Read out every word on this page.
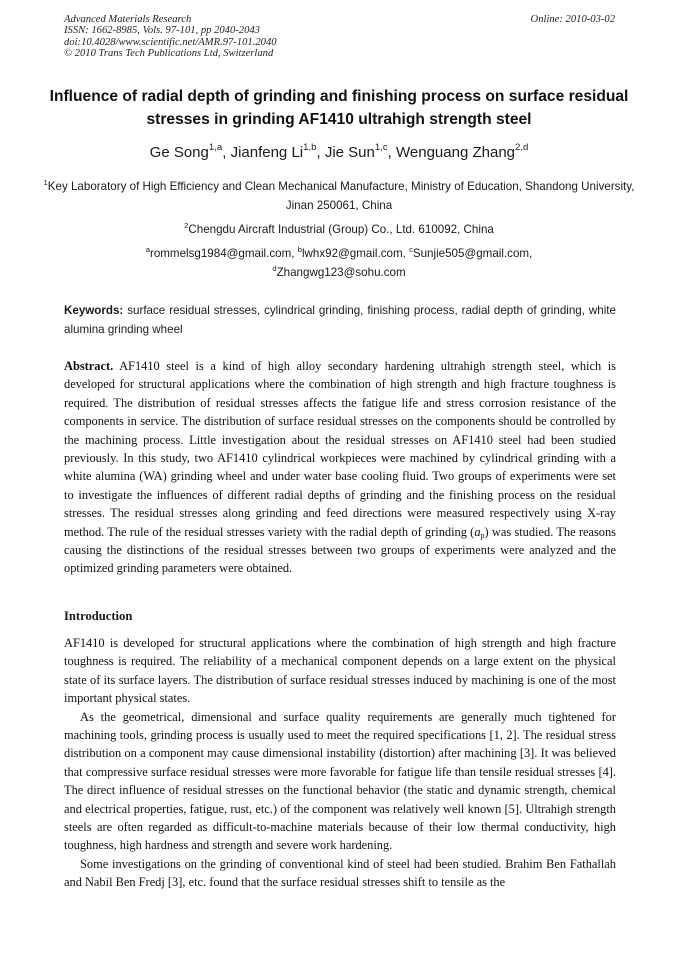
Advanced Materials Research
ISSN: 1662-8985, Vols. 97-101, pp 2040-2043
doi:10.4028/www.scientific.net/AMR.97-101.2040
© 2010 Trans Tech Publications Ltd, Switzerland
Online: 2010-03-02
Influence of radial depth of grinding and finishing process on surface residual stresses in grinding AF1410 ultrahigh strength steel
Ge Song$^{1,a}$, Jianfeng Li$^{1,b}$, Jie Sun$^{1,c}$, Wenguang Zhang$^{2,d}$
$^1$Key Laboratory of High Efficiency and Clean Mechanical Manufacture, Ministry of Education, Shandong University, Jinan 250061, China
$^2$Chengdu Aircraft Industrial (Group) Co., Ltd. 610092, China
$^a$rommelsg1984@gmail.com, $^b$lwhx92@gmail.com, $^c$Sunjie505@gmail.com,
$^d$Zhangwg123@sohu.com
Keywords: surface residual stresses, cylindrical grinding, finishing process, radial depth of grinding, white alumina grinding wheel
Abstract. AF1410 steel is a kind of high alloy secondary hardening ultrahigh strength steel, which is developed for structural applications where the combination of high strength and high fracture toughness is required. The distribution of residual stresses affects the fatigue life and stress corrosion resistance of the components in service. The distribution of surface residual stresses on the components should be controlled by the machining process. Little investigation about the residual stresses on AF1410 steel had been studied previously. In this study, two AF1410 cylindrical workpieces were machined by cylindrical grinding with a white alumina (WA) grinding wheel and under water base cooling fluid. Two groups of experiments were set to investigate the influences of different radial depths of grinding and the finishing process on the residual stresses. The residual stresses along grinding and feed directions were measured respectively using X-ray method. The rule of the residual stresses variety with the radial depth of grinding $(a_p)$ was studied. The reasons causing the distinctions of the residual stresses between two groups of experiments were analyzed and the optimized grinding parameters were obtained.
Introduction

AF1410 is developed for structural applications where the combination of high strength and high fracture toughness is required. The reliability of a mechanical component depends on a large extent on the physical state of its surface layers. The distribution of surface residual stresses induced by machining is one of the most important physical states.

As the geometrical, dimensional and surface quality requirements are generally much tightened for machining tools, grinding process is usually used to meet the required specifications [1, 2]. The residual stress distribution on a component may cause dimensional instability (distortion) after machining [3]. It was believed that compressive surface residual stresses were more favorable for fatigue life than tensile residual stresses [4]. The direct influence of residual stresses on the functional behavior (the static and dynamic strength, chemical and electrical properties, fatigue, rust, etc.) of the component was relatively well known [5]. Ultrahigh strength steels are often regarded as difficult-to-machine materials because of their low thermal conductivity, high toughness, high hardness and strength and severe work hardening.

Some investigations on the grinding of conventional kind of steel had been studied. Brahim Ben Fathallah and Nabil Ben Fredj [3], etc. found that the surface residual stresses shift to tensile as the
